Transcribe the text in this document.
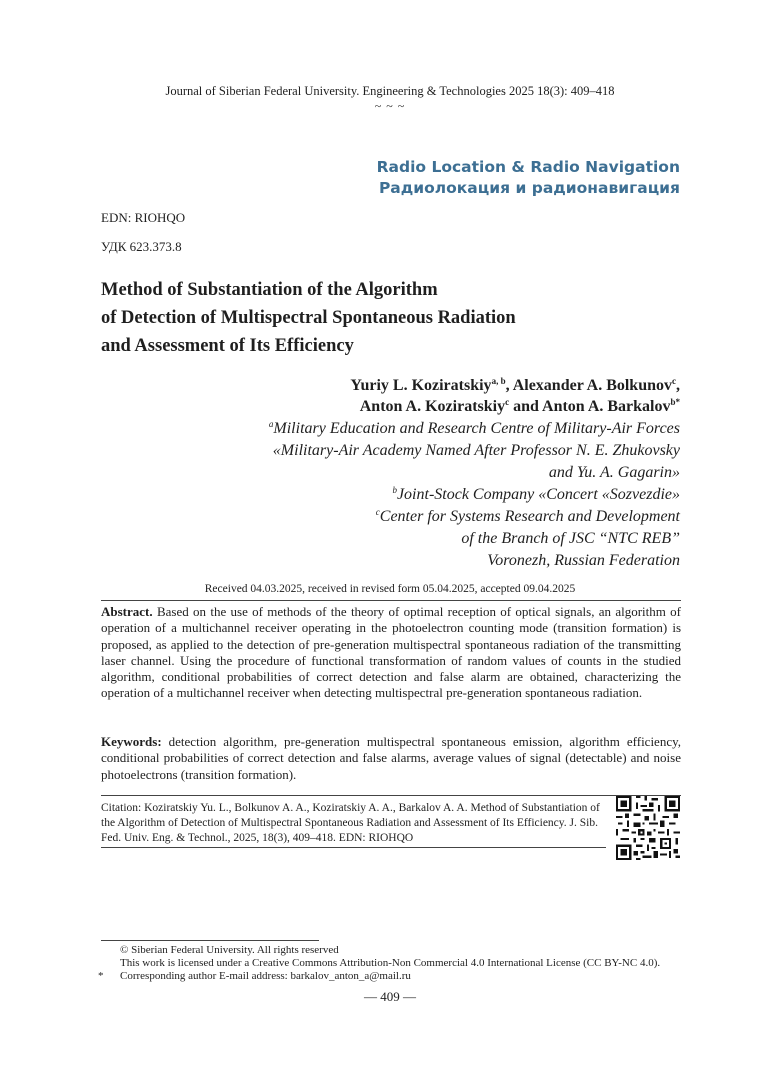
Journal of Siberian Federal University. Engineering & Technologies 2025 18(3): 409–418
~ ~ ~
Radio Location & Radio Navigation
Радиолокация и радионавигация
EDN: RIOHQO
УДК 623.373.8
Method of Substantiation of the Algorithm
of Detection of Multispectral Spontaneous Radiation
and Assessment of Its Efficiency
Yuriy L. Koziratskiy$^{a, b}$, Alexander A. Bolkunov$^c$,
Anton A. Koziratskiy$^c$ and Anton A. Barkalov$^{b*}$
$^a$Military Education and Research Centre of Military-Air Forces
«Military-Air Academy Named After Professor N. E. Zhukovsky
and Yu. A. Gagarin»
$^b$Joint-Stock Company «Concert «Sozvezdie»
$^c$Center for Systems Research and Development
of the Branch of JSC “NTC REB”
Voronezh, Russian Federation
Received 04.03.2025, received in revised form 05.04.2025, accepted 09.04.2025
Abstract. Based on the use of methods of the theory of optimal reception of optical signals, an algorithm of operation of a multichannel receiver operating in the photoelectron counting mode (transition formation) is proposed, as applied to the detection of pre-generation multispectral spontaneous radiation of the transmitting laser channel. Using the procedure of functional transformation of random values of counts in the studied algorithm, conditional probabilities of correct detection and false alarm are obtained, characterizing the operation of a multichannel receiver when detecting multispectral pre-generation spontaneous radiation.
Keywords: detection algorithm, pre-generation multispectral spontaneous emission, algorithm efficiency, conditional probabilities of correct detection and false alarms, average values of signal (detectable) and noise photoelectrons (transition formation).
Citation: Koziratskiy Yu. L., Bolkunov A. A., Koziratskiy A. A., Barkalov A. A. Method of Substantiation of the Algorithm of Detection of Multispectral Spontaneous Radiation and Assessment of Its Efficiency. J. Sib. Fed. Univ. Eng. & Technol., 2025, 18(3), 409–418. EDN: RIOHQO
© Siberian Federal University. All rights reserved
This work is licensed under a Creative Commons Attribution-Non Commercial 4.0 International License (CC BY-NC 4.0).
* Corresponding author E-mail address: barkalov_anton_a@mail.ru
— 409 —
